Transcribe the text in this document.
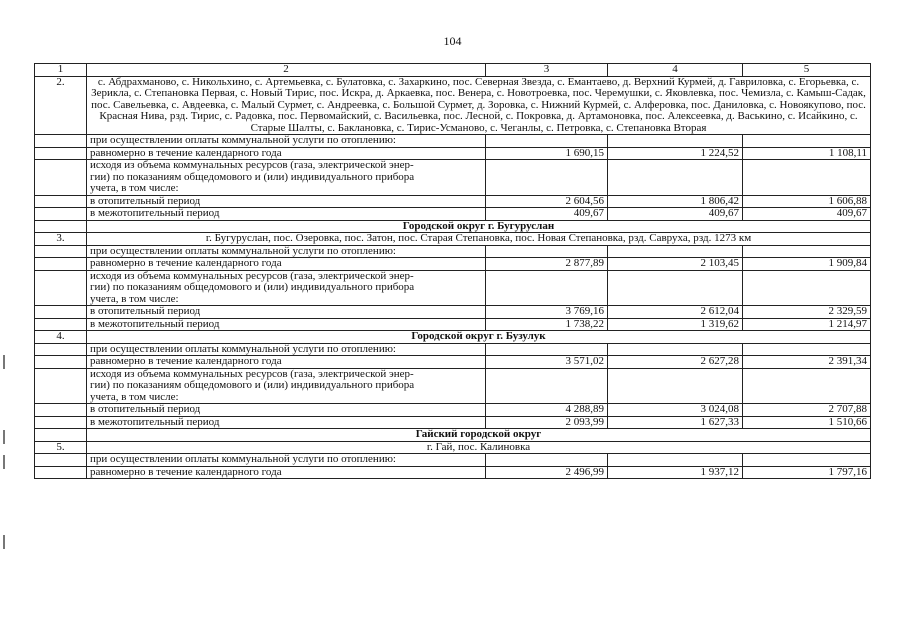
104
1	2	3	4	5
2.	с. Абдрахманово, с. Никольхино, с. Артемьевка, с. Булатовка, с. Захаркино, пос. Северная Звезда, с. Емантаево, д. Верхний Курмей, д. Гавриловка, с. Егорьевка, с. Зерикла, с. Степановка Первая, с. Новый Тирис, пос. Искра, д. Аркаевка, пос. Венера, с. Новотроевка, пос. Черемушки, с. Яковлевка, пос. Чемизла, с. Камыш-Садак, пос. Савельевка, с. Авдеевка, с. Малый Сурмет, с. Андреевка, с. Большой Сурмет, д. Зоровка, с. Нижний Курмей, с. Алферовка, пос. Даниловка, с. Новоякупово, пос. Красная Нива, рзд. Тирис, с. Радовка, пос. Первомайский, с. Васильевка, пос. Лесной, с. Покровка, д. Артамоновка, пос. Алексеевка, д. Васькино, с. Исайкино, с. Старые Шалты, с. Баклановка, с. Тирис-Усманово, с. Чеганлы, с. Петровка, с. Степановка Вторая			
	при осуществлении оплаты коммунальной услуги по отоплению:			
	равномерно в течение календарного года	1 690,15	1 224,52	1 108,11
	исходя из объема коммунальных ресурсов (газа, электрической энер-
гии) по показаниям общедомового и (или) индивидуального прибора
учета, в том числе:			
	в отопительный период	2 604,56	1 806,42	1 606,88
	в межотопительный период	409,67	409,67	409,67
	Городской округ г. Бугуруслан			
3.	г. Бугуруслан, пос. Озеровка, пос. Затон, пос. Старая Степановка, пос. Новая Степановка, рзд. Савруха, рзд. 1273 км			
	при осуществлении оплаты коммунальной услуги по отоплению:			
	равномерно в течение календарного года	2 877,89	2 103,45	1 909,84
	исходя из объема коммунальных ресурсов (газа, электрической энер-
гии) по показаниям общедомового и (или) индивидуального прибора
учета, в том числе:			
	в отопительный период	3 769,16	2 612,04	2 329,59
	в межотопительный период	1 738,22	1 319,62	1 214,97
4.	Городской округ г. Бузулук			
	при осуществлении оплаты коммунальной услуги по отоплению:			
	равномерно в течение календарного года	3 571,02	2 627,28	2 391,34
	исходя из объема коммунальных ресурсов (газа, электрической энер-
гии) по показаниям общедомового и (или) индивидуального прибора
учета, в том числе:			
	в отопительный период	4 288,89	3 024,08	2 707,88
	в межотопительный период	2 093,99	1 627,33	1 510,66
	Гайский городской округ			
5.	г. Гай, пос. Калиновка			
	при осуществлении оплаты коммунальной услуги по отоплению:			
	равномерно в течение календарного года	2 496,99	1 937,12	1 797,16
